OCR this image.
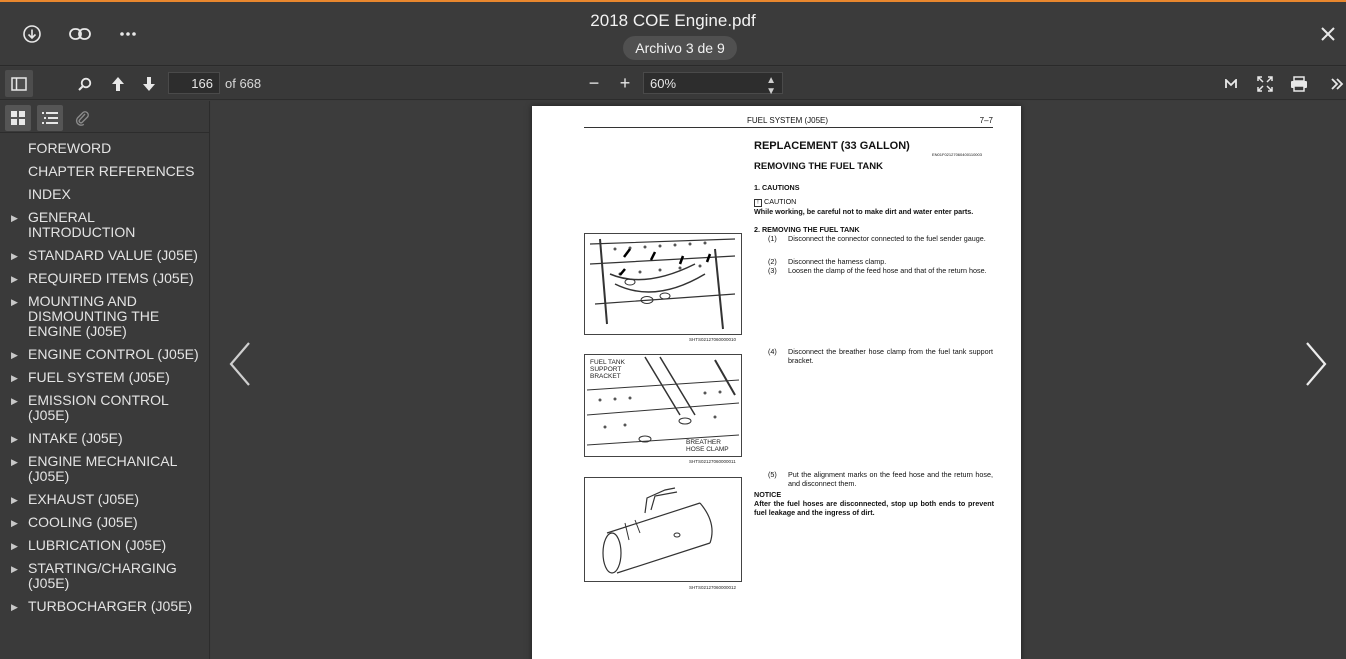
2018 COE Engine.pdf
Archivo 3 de 9
166
of 668	−	+	60%	▲
▼
FOREWORD
CHAPTER REFERENCES
INDEX
▶ GENERAL INTRODUCTION
▶ STANDARD VALUE (J05E)
▶ REQUIRED ITEMS (J05E)
▶ MOUNTING AND DISMOUNTING THE ENGINE (J05E)
▶ ENGINE CONTROL (J05E)
▶ FUEL SYSTEM (J05E)
▶ EMISSION CONTROL (J05E)
▶ INTAKE (J05E)
▶ ENGINE MECHANICAL (J05E)
▶ EXHAUST (J05E)
▶ COOLING (J05E)
▶ LUBRICATION (J05E)
▶ STARTING/CHARGING (J05E)
▶ TURBOCHARGER (J05E)
FUEL SYSTEM (J05E)	7–7
REPLACEMENT (33 GALLON)
EN01F02127060400110003
REMOVING THE FUEL TANK
1. CAUTIONS
! CAUTION
While working, be careful not to make dirt and water enter parts.
2. REMOVING THE FUEL TANK
(1) Disconnect the connector connected to the fuel sender gauge.
(2) Disconnect the harness clamp.
(3) Loosen the clamp of the feed hose and that of the return hose.
(4) Disconnect the breather hose clamp from the fuel tank support bracket.
(5) Put the alignment marks on the feed hose and the return hose, and disconnect them.
NOTICE
After the fuel hoses are disconnected, stop up both ends to prevent fuel leakage and the ingress of dirt.
SHTS02127060000010
FUEL TANK SUPPORT BRACKET
BREATHER HOSE CLAMP
SHTS02127060000011
SHTS02127060000012
